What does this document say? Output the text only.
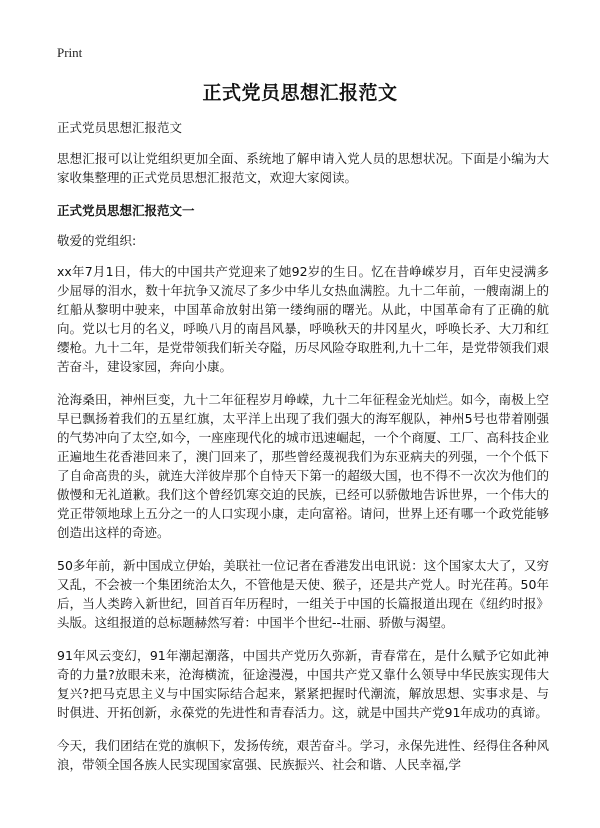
Print
正式党员思想汇报范文

正式党员思想汇报范文

思想汇报可以让党组织更加全面、系统地了解申请入党人员的思想状况。下面是小编为大家收集整理的正式党员思想汇报范文，欢迎大家阅读。

正式党员思想汇报范文一

敬爱的党组织:

xx年7月1日，伟大的中国共产党迎来了她92岁的生日。忆在昔峥嵘岁月，百年史浸满多少屈辱的泪水，数十年抗争又流尽了多少中华儿女热血满腔。九十二年前，一艘南湖上的红船从黎明中驶来，中国革命放射出第一缕绚丽的曙光。从此，中国革命有了正确的航向。党以七月的名义，呼唤八月的南昌风暴，呼唤秋天的井冈星火，呼唤长矛、大刀和红缨枪。九十二年，是党带领我们斩关夺隘，历尽风险夺取胜利,九十二年，是党带领我们艰苦奋斗，建设家园，奔向小康。

沧海桑田，神州巨变，九十二年征程岁月峥嵘，九十二年征程金光灿烂。如今，南极上空早已飘扬着我们的五星红旗，太平洋上出现了我们强大的海军舰队，神州5号也带着刚强的气势冲向了太空,如今，一座座现代化的城市迅速崛起，一个个商厦、工厂、高科技企业正遍地生花香港回来了，澳门回来了，那些曾经蔑视我们为东亚病夫的列强，一个个低下了自命高贵的头，就连大洋彼岸那个自恃天下第一的超级大国，也不得不一次次为他们的傲慢和无礼道歉。我们这个曾经饥寒交迫的民族，已经可以骄傲地告诉世界，一个伟大的党正带领地球上五分之一的人口实现小康，走向富裕。请问，世界上还有哪一个政党能够创造出这样的奇迹。

50多年前，新中国成立伊始，美联社一位记者在香港发出电讯说：这个国家太大了，又穷又乱，不会被一个集团统治太久，不管他是天使、猴子，还是共产党人。时光荏苒。50年后，当人类跨入新世纪，回首百年历程时，一组关于中国的长篇报道出现在《纽约时报》头版。这组报道的总标题赫然写着：中国半个世纪--壮丽、骄傲与渴望。

91年风云变幻，91年潮起潮落，中国共产党历久弥新，青春常在，是什么赋予它如此神奇的力量?放眼未来，沧海横流，征途漫漫，中国共产党又靠什么领导中华民族实现伟大复兴?把马克思主义与中国实际结合起来，紧紧把握时代潮流，解放思想、实事求是、与时俱进、开拓创新，永葆党的先进性和青春活力。这，就是中国共产党91年成功的真谛。

今天，我们团结在党的旗帜下，发扬传统，艰苦奋斗。学习，永保先进性、经得住各种风浪，带领全国各族人民实现国家富强、民族振兴、社会和谐、人民幸福,学
